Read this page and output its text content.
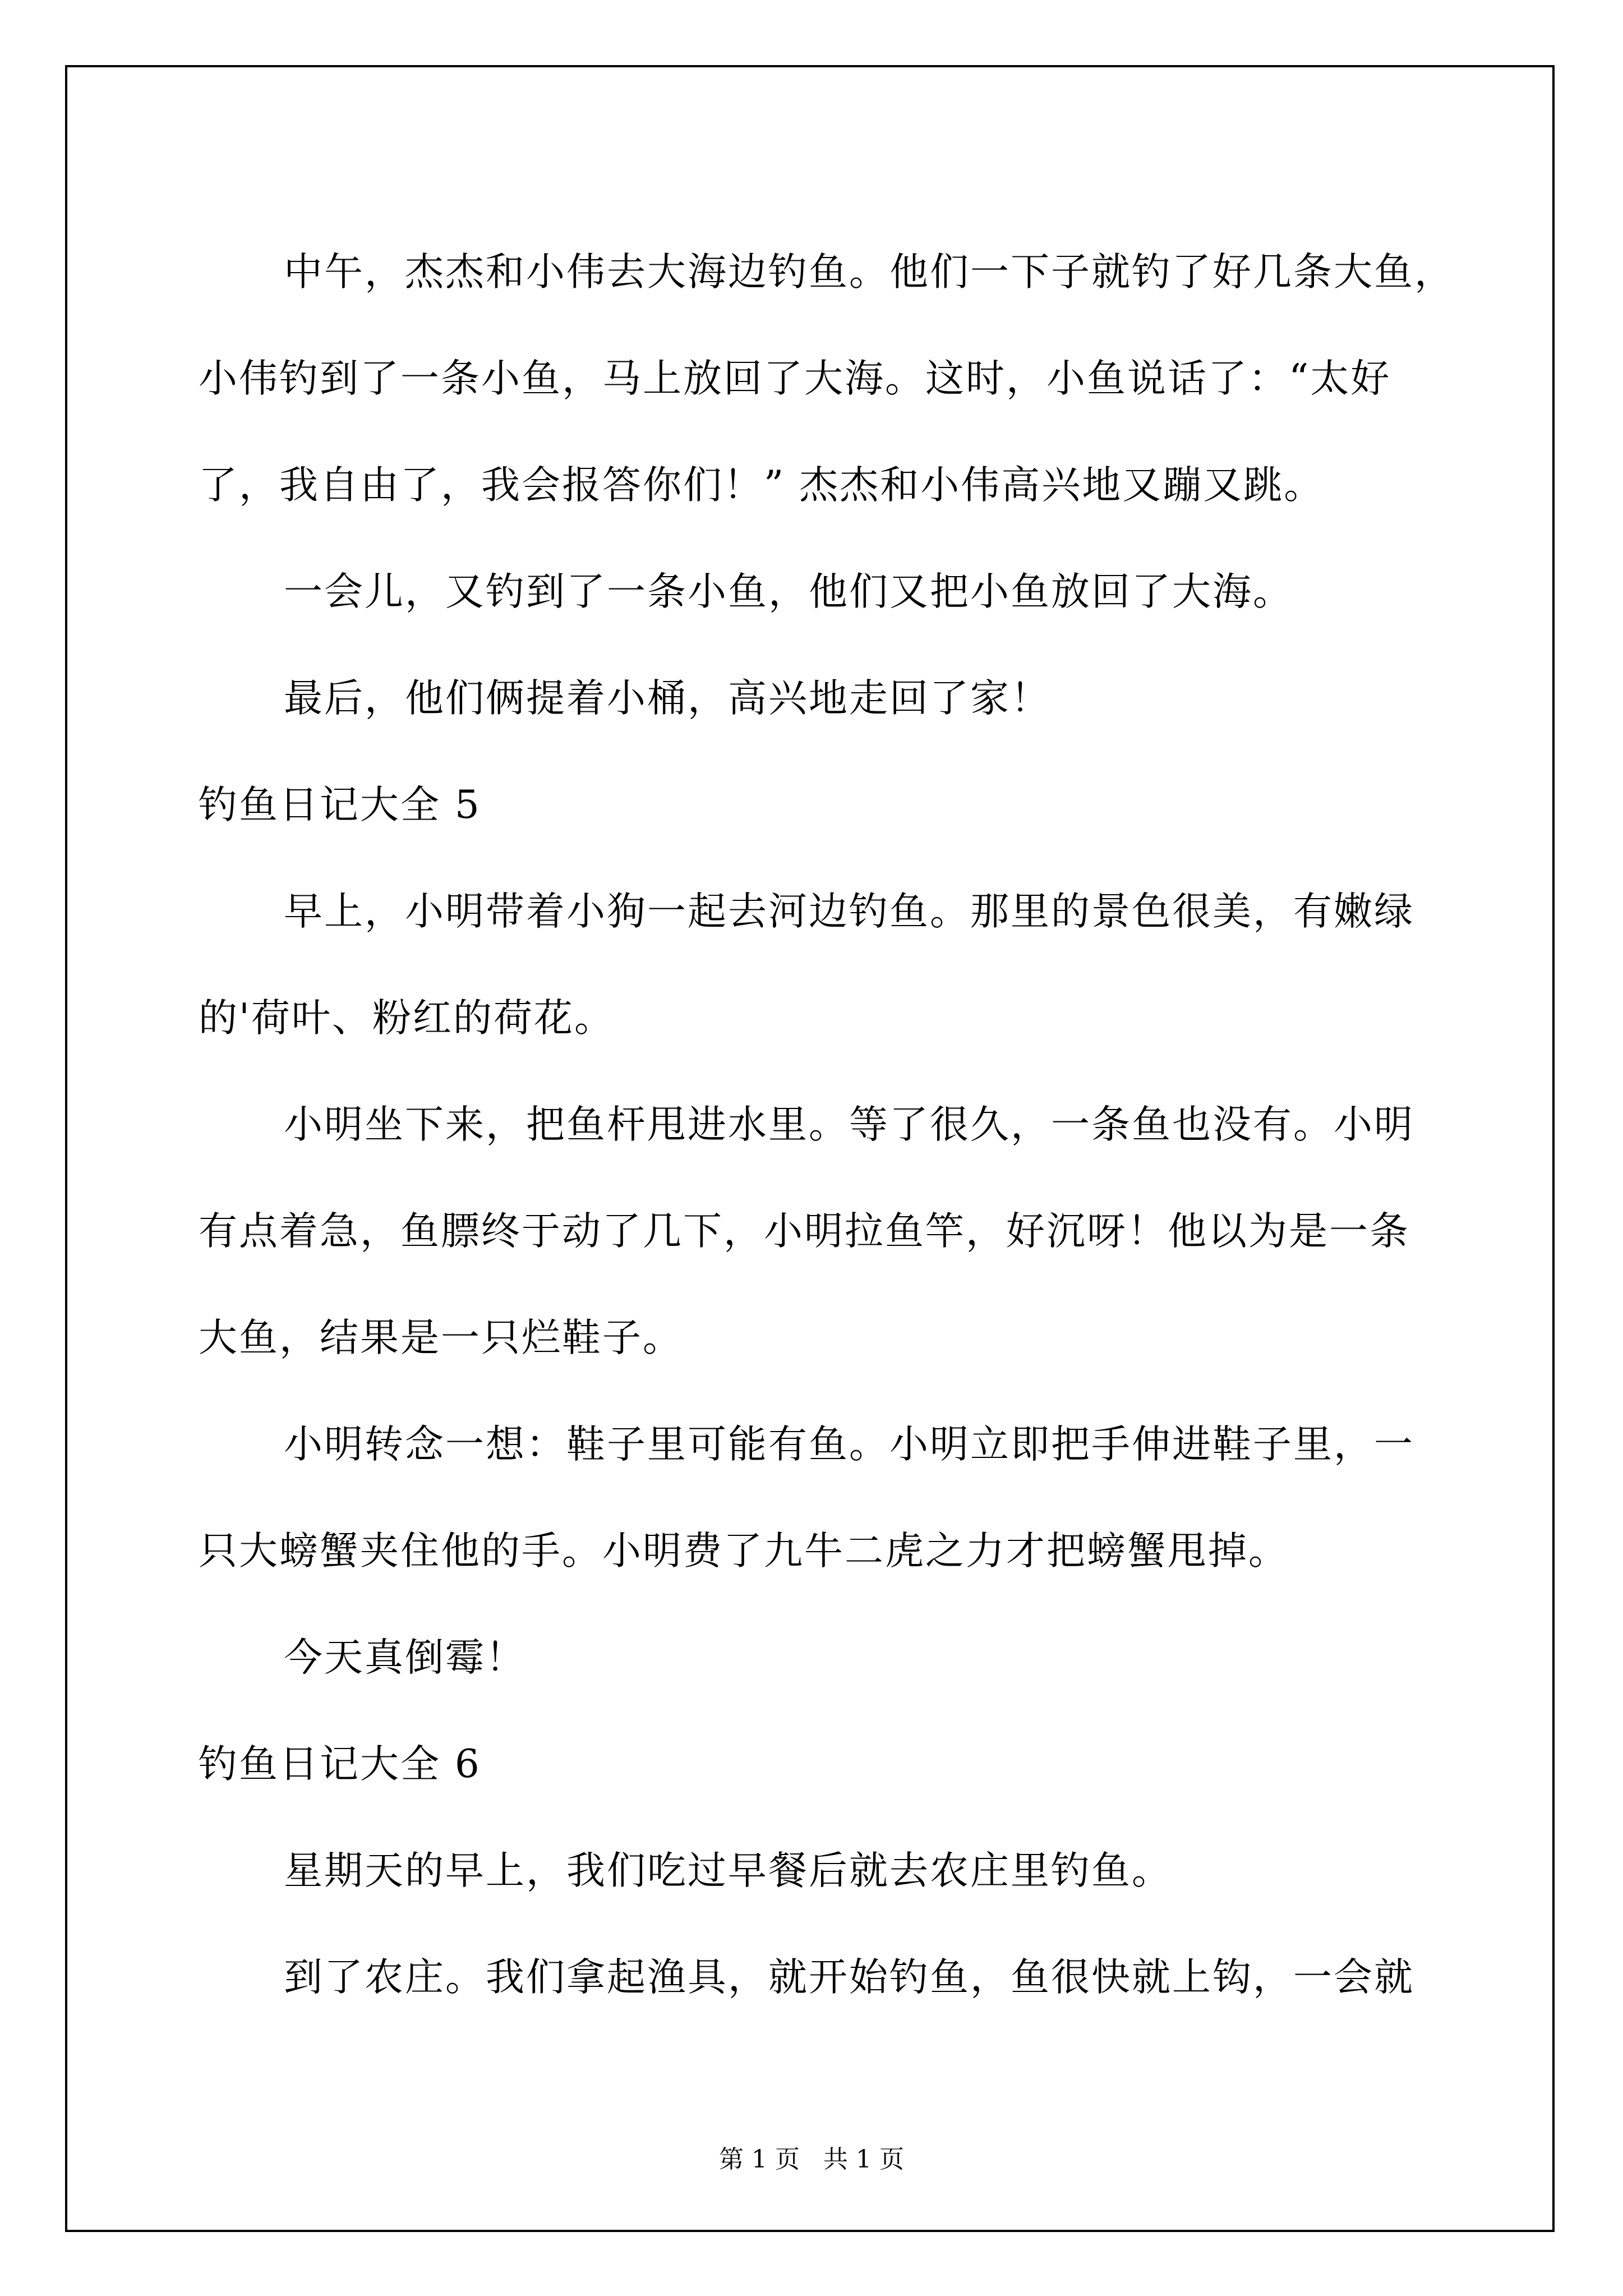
中午，杰杰和小伟去大海边钓鱼。他们一下子就钓了好几条大鱼，
小伟钓到了一条小鱼，马上放回了大海。这时，小鱼说话了：“太好
了，我自由了，我会报答你们！” 杰杰和小伟高兴地又蹦又跳。
一会儿，又钓到了一条小鱼，他们又把小鱼放回了大海。
最后，他们俩提着小桶，高兴地走回了家！
钓鱼日记大全 5
早上，小明带着小狗一起去河边钓鱼。那里的景色很美，有嫩绿
的'荷叶、粉红的荷花。
小明坐下来，把鱼杆甩进水里。等了很久，一条鱼也没有。小明
有点着急，鱼膘终于动了几下，小明拉鱼竿，好沉呀！他以为是一条
大鱼，结果是一只烂鞋子。
小明转念一想：鞋子里可能有鱼。小明立即把手伸进鞋子里，一
只大螃蟹夹住他的手。小明费了九牛二虎之力才把螃蟹甩掉。
今天真倒霉！
钓鱼日记大全 6
星期天的早上，我们吃过早餐后就去农庄里钓鱼。
到了农庄。我们拿起渔具，就开始钓鱼，鱼很快就上钩，一会就
第 1 页   共 1 页
